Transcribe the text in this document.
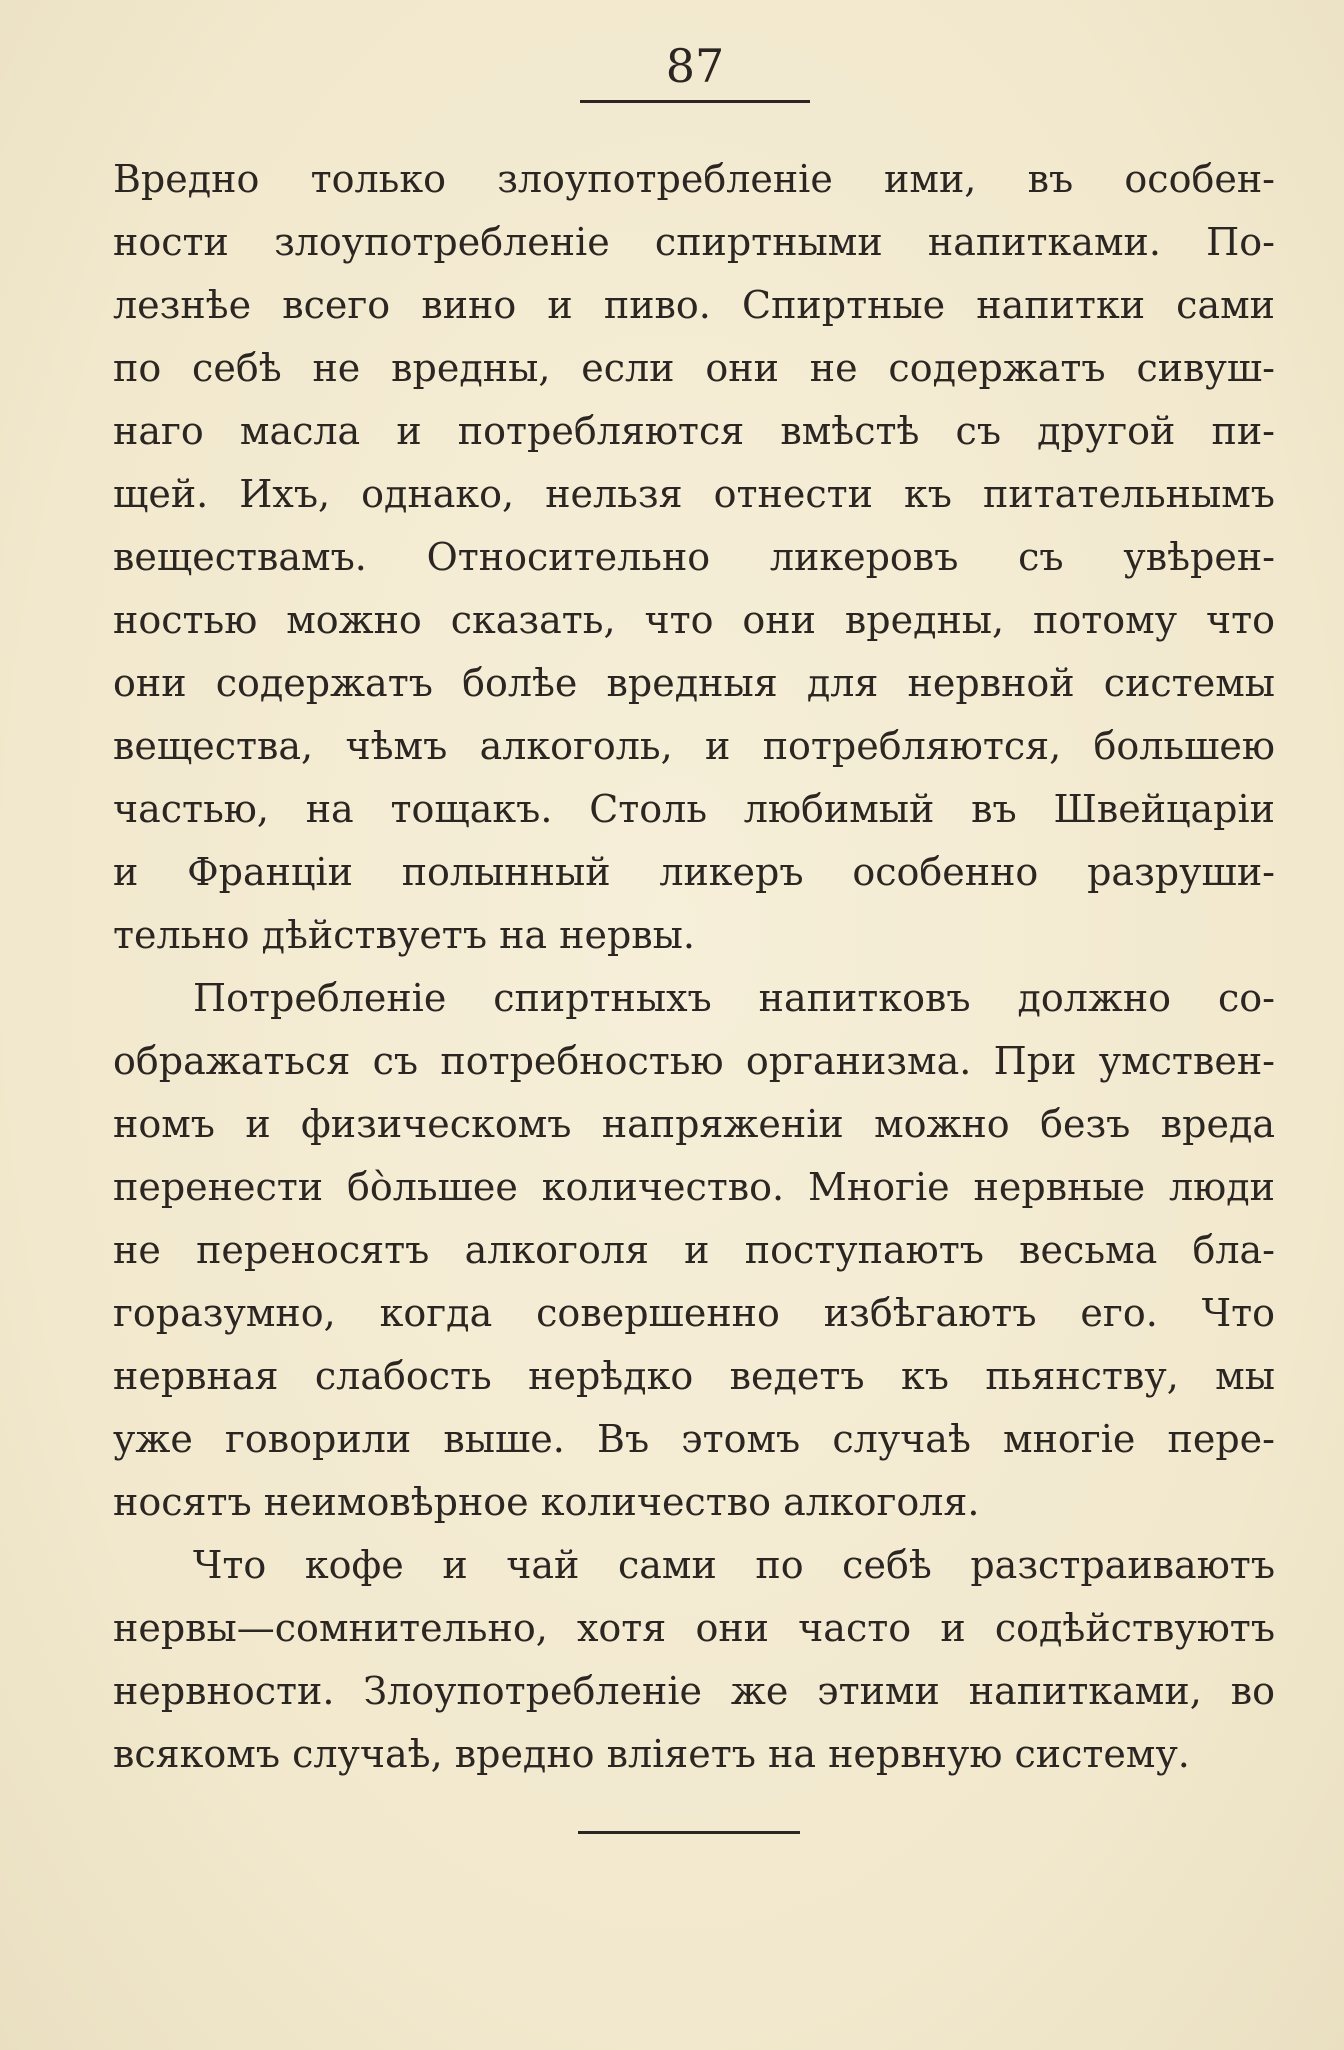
87
Вредно только злоупотребленіе ими, въ особен-
ности злоупотребленіе спиртными напитками. По-
лезнѣе всего вино и пиво. Спиртные напитки сами
по себѣ не вредны, если они не содержатъ сивуш-
наго масла и потребляются вмѣстѣ съ другой пи-
щей. Ихъ, однако, нельзя отнести къ питательнымъ
веществамъ. Относительно ликеровъ съ увѣрен-
ностью можно сказать, что они вредны, потому что
они содержатъ болѣе вредныя для нервной системы
вещества, чѣмъ алкоголь, и потребляются, большею
частью, на тощакъ. Столь любимый въ Швейцаріи
и Франціи полынный ликеръ особенно разруши-
тельно дѣйствуетъ на нервы.
Потребленіе спиртныхъ напитковъ должно со-
ображаться съ потребностью организма. При умствен-
номъ и физическомъ напряженіи можно безъ вреда
перенести бо̀льшее количество. Многіе нервные люди
не переносятъ алкоголя и поступаютъ весьма бла-
горазумно, когда совершенно избѣгаютъ его. Что
нервная слабость нерѣдко ведетъ къ пьянству, мы
уже говорили выше. Въ этомъ случаѣ многіе пере-
носятъ неимовѣрное количество алкоголя.
Что кофе и чай сами по себѣ разстраиваютъ
нервы—сомнительно, хотя они часто и содѣйствуютъ
нервности. Злоупотребленіе же этими напитками, во
всякомъ случаѣ, вредно вліяетъ на нервную систему.
